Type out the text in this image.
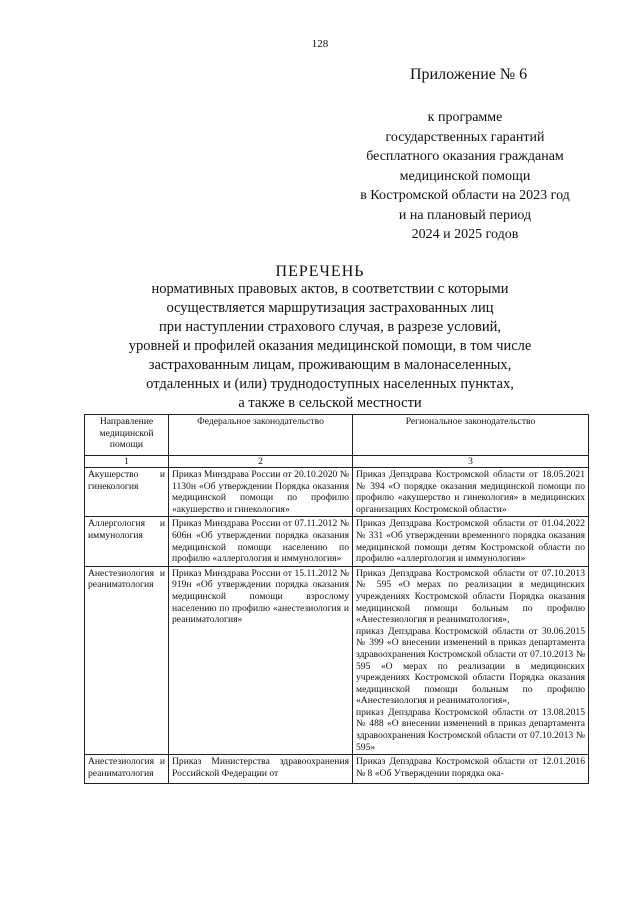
128
Приложение № 6
к программе
государственных гарантий
бесплатного оказания гражданам
медицинской помощи
в Костромской области на 2023 год
и на плановый период
2024 и 2025 годов
ПЕРЕЧЕНЬ
нормативных правовых актов, в соответствии с которыми
осуществляется маршрутизация застрахованных лиц
при наступлении страхового случая, в разрезе условий,
уровней и профилей оказания медицинской помощи, в том числе
застрахованным лицам, проживающим в малонаселенных,
отдаленных и (или) труднодоступных населенных пунктах,
а также в сельской местности
Направление медицинской помощи	Федеральное законодательство	Региональное законодательство
1	2	3
Акушерство и гинекология	Приказ Минздрава России от 20.10.2020 № 1130н «Об утверждении Порядка оказания медицинской помощи по профилю «акушерство и гинекология»	Приказ Депздрава Костромской области от 18.05.2021 № 394 «О порядке оказания медицинской помощи по профилю «акушерство и гинекология» в медицинских организациях Костромской области»

Аллергология и иммунология	Приказ Минздрава России от 07.11.2012 № 606н «Об утверждении порядка оказания медицинской помощи населению по профилю «аллергология и иммунология»	Приказ Депздрава Костромской области от 01.04.2022 № 331 «Об утверждении временного порядка оказания медицинской помощи детям Костромской области по профилю «аллергология и иммунология»

Анестезиология и реаниматология	Приказ Минздрава России от 15.11.2012 № 919н «Об утверждении порядка оказания медицинской помощи взрослому населению по профилю «анестезиология и реаниматология»	Приказ Депздрава Костромской области от 07.10.2013 № 595 «О мерах по реализации в медицинских учреждениях Костромской области Порядка оказания медицинской помощи больным по профилю «Анестезиология и реаниматология»,

приказ Депздрава Костромской области от 30.06.2015 № 399 «О внесении изменений в приказ департамента здравоохранения Костромской области от 07.10.2013 № 595 «О мерах по реализации в медицинских учреждениях Костромской области Порядка оказания медицинской помощи больным по профилю «Анестезиология и реаниматология»,

приказ Депздрава Костромской области от 13.08.2015 № 488 «О внесении изменений в приказ департамента здравоохранения Костромской области от 07.10.2013 № 595»

Анестезиология и реаниматология	Приказ Министерства здравоохранения Российской Федерации от	Приказ Депздрава Костромской области от 12.01.2016 № 8 «Об Утверждении порядка ока-
